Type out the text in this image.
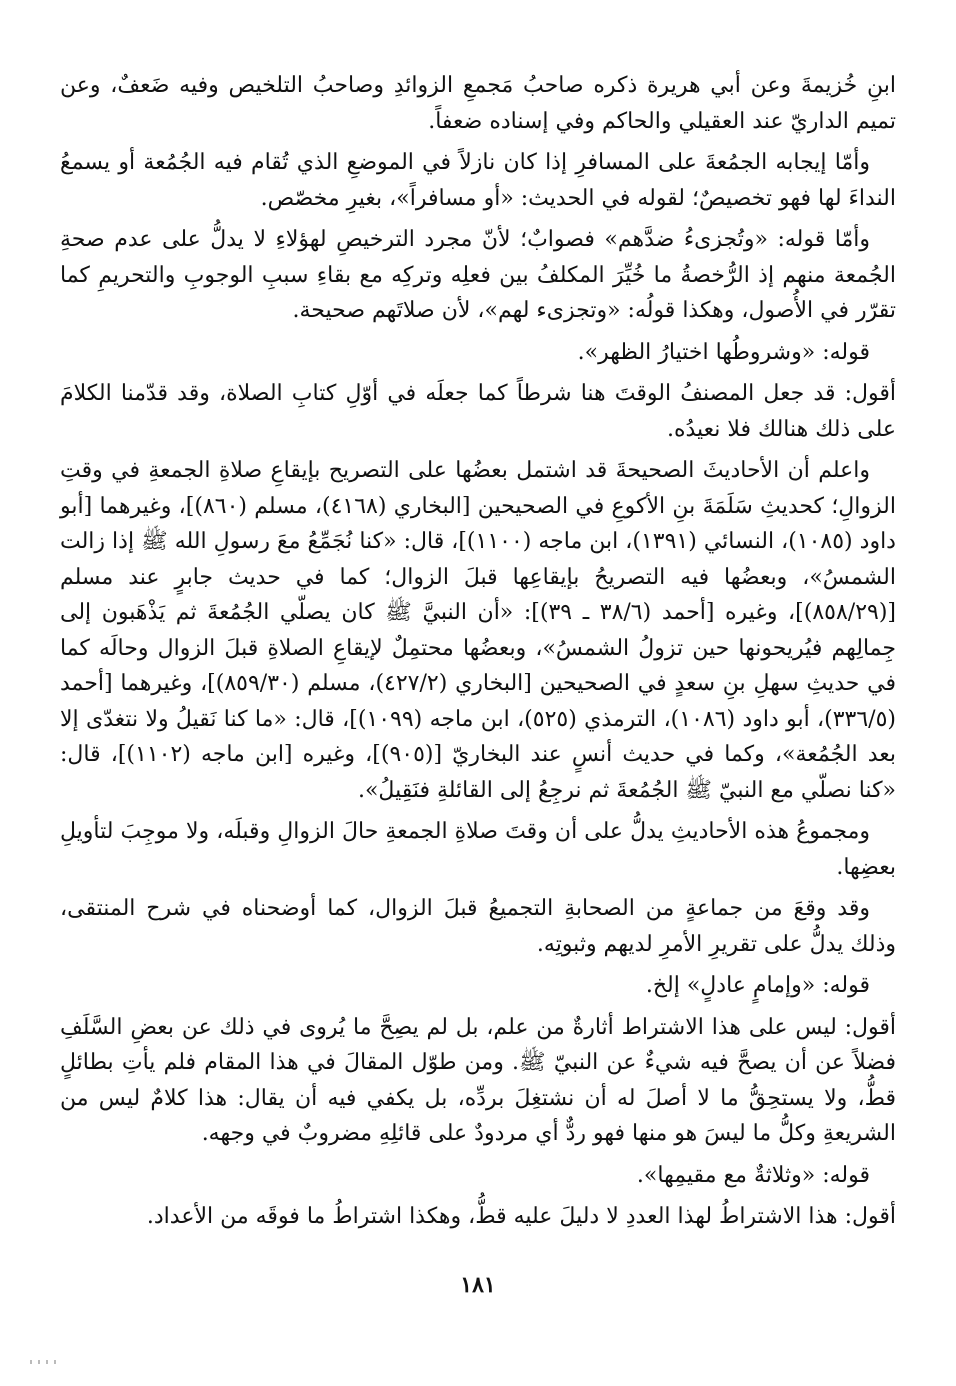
ابنِ خُزيمةَ وعن أبي هريرة ذكره صاحبُ مَجمعِ الزوائدِ وصاحبُ التلخيص وفيه ضَعفٌ، وعن تميم الداريّ عند العقيلي والحاكم وفي إسناده ضعفاً.

وأمّا إيجابه الجمُعةَ على المسافرِ إذا كان نازلاً في الموضعِ الذي تُقام فيه الجُمُعة أو يسمعُ النداءَ لها فهو تخصيصٌ؛ لقوله في الحديث: «أو مسافراً»، بغيرِ مخصّص.

وأمّا قوله: «وتُجزىءُ ضدَّهم» فصوابٌ؛ لأنّ مجرد الترخيصِ لهؤلاءِ لا يدلُّ على عدم صحةِ الجُمعة منهم إذ الرُّخصةُ ما خُيِّرَ المكلفُ بين فعلِه وتركِه مع بقاءِ سببِ الوجوبِ والتحريمِ كما تقرّر في الأُصول، وهكذا قولُه: «وتجزىء لهم»، لأن صلاتَهم صحيحة.

قوله: «وشروطُها اختيارُ الظهر».

أقول: قد جعل المصنفُ الوقتَ هنا شرطاً كما جعلَه في أوّلِ كتابِ الصلاة، وقد قدّمنا الكلامَ على ذلك هنالك فلا نعيدُه.

واعلم أن الأحاديثَ الصحيحةَ قد اشتمل بعضُها على التصريح بإيقاعِ صلاةِ الجمعةِ في وقتِ الزوالِ؛ كحديثِ سَلَمَةَ بنِ الأكوعِ في الصحيحين [البخاري (٤١٦٨)، مسلم (٨٦٠)]، وغيرهما [أبو داود (١٠٨٥)، النسائي (١٣٩١)، ابن ماجه (١١٠٠)]، قال: «كنا نُجَمِّعُ معَ رسولِ الله ﷺ إذا زالت الشمسُ»، وبعضُها فيه التصريحُ بإيقاعِها قبلَ الزوال؛ كما في حديث جابرٍ عند مسلم [(٨٥٨/٢٩)]، وغيره [أحمد (٣٨/٦ ـ ٣٩)]: «أن النبيَّ ﷺ كان يصلّي الجُمُعةَ ثم يَذْهَبون إلى جِمالِهم فيُريحونها حين تزولُ الشمسُ»، وبعضُها محتمِلٌ لإيقاعِ الصلاةِ قبلَ الزوال وحالَه كما في حديثِ سهلِ بنِ سعدٍ في الصحيحين [البخاري (٤٢٧/٢)، مسلم (٨٥٩/٣٠)]، وغيرهما [أحمد (٣٣٦/٥)، أبو داود (١٠٨٦)، الترمذي (٥٢٥)، ابن ماجه (١٠٩٩)]، قال: «ما كنا نَقيلُ ولا نتغدّى إلا بعد الجُمُعة»، وكما في حديث أنسٍ عند البخاريّ [(٩٠٥)]، وغيره [ابن ماجه (١١٠٢)]، قال: «كنا نصلّي مع النبيّ ﷺ الجُمُعةَ ثم نرجِعُ إلى القائلةِ فنَقِيلُ».

ومجموعُ هذه الأحاديثِ يدلُّ على أن وقتَ صلاةِ الجمعةِ حالَ الزوالِ وقبلَه، ولا موجِبَ لتأويلِ بعضِها.

وقد وقعَ من جماعةٍ من الصحابةِ التجميعُ قبلَ الزوال، كما أوضحناه في شرح المنتقى، وذلك يدلُّ على تقريرِ الأمرِ لديهم وثبوتِه.

قوله: «وإمامٍ عادلٍ» إلخ.

أقول: ليس على هذا الاشتراط أثارةٌ من علم، بل لم يصِحَّ ما يُروى في ذلك عن بعضِ السَّلَفِ فضلاً عن أن يصحَّ فيه شيءٌ عن النبيّ ﷺ. ومن طوّل المقالَ في هذا المقام فلم يأتِ بطائلٍ قطُّ، ولا يستحِقُّ ما لا أصلَ له أن نشتغِلَ بردِّه، بل يكفي فيه أن يقال: هذا كلامٌ ليس من الشريعةِ وكلُّ ما ليسَ هو منها فهو ردٌّ أي مردودٌ على قائلِهِ مضروبٌ في وجهه.

قوله: «وثلاثةٌ مع مقيمِها».

أقول: هذا الاشتراطُ لهذا العددِ لا دليلَ عليه قطُّ، وهكذا اشتراطُ ما فوقَه من الأعداد.

١٨١
